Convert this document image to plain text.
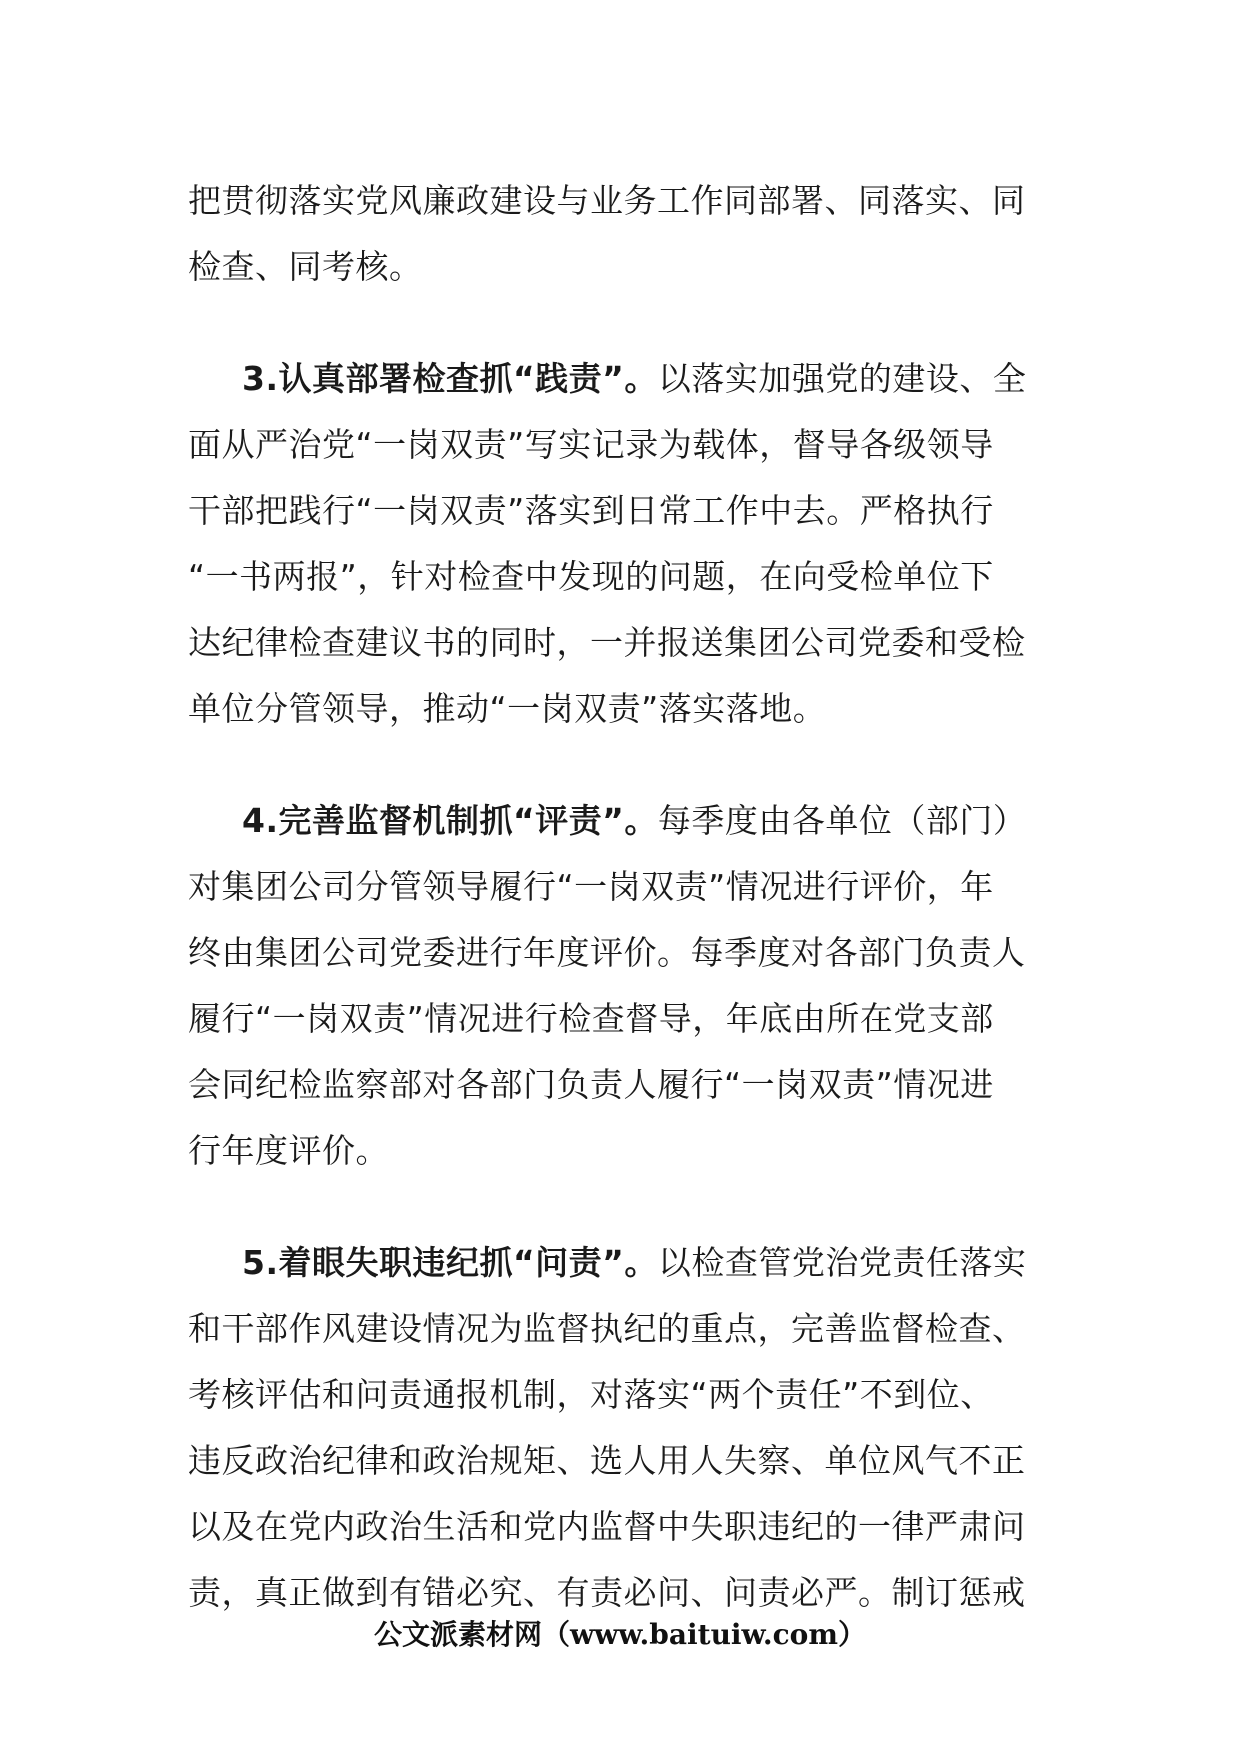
把贯彻落实党风廉政建设与业务工作同部署、同落实、同
检查、同考核。
3.认真部署检查抓“践责”。以落实加强党的建设、全
面从严治党“一岗双责”写实记录为载体，督导各级领导
干部把践行“一岗双责”落实到日常工作中去。严格执行
“一书两报”，针对检查中发现的问题，在向受检单位下
达纪律检查建议书的同时，一并报送集团公司党委和受检
单位分管领导，推动“一岗双责”落实落地。
4.完善监督机制抓“评责”。每季度由各单位（部门）
对集团公司分管领导履行“一岗双责”情况进行评价，年
终由集团公司党委进行年度评价。每季度对各部门负责人
履行“一岗双责”情况进行检查督导，年底由所在党支部
会同纪检监察部对各部门负责人履行“一岗双责”情况进
行年度评价。
5.着眼失职违纪抓“问责”。以检查管党治党责任落实
和干部作风建设情况为监督执纪的重点，完善监督检查、
考核评估和问责通报机制，对落实“两个责任”不到位、
违反政治纪律和政治规矩、选人用人失察、单位风气不正
以及在党内政治生活和党内监督中失职违纪的一律严肃问
责，真正做到有错必究、有责必问、问责必严。制订惩戒
公文派素材网（www.baituiw.com）
